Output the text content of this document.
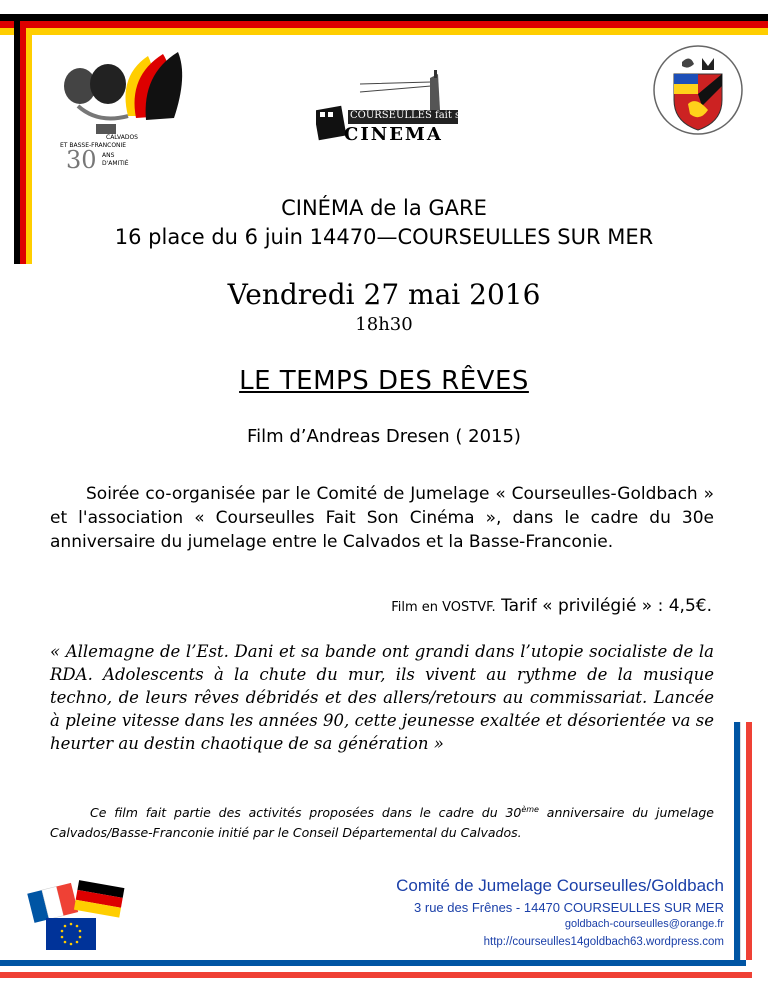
CALVADOS
ET BASSE-FRANCONIE
30 ANS
D'AMITIÉ
COURSEULLES fait son
CINEMA
CINÉMA de la GARE
16 place du 6 juin 14470—COURSEULLES SUR MER
Vendredi 27 mai 2016
18h30
LE TEMPS DES RÊVES
Film d’Andreas Dresen ( 2015)
Soirée co-organisée par le Comité de Jumelage « Courseulles-Goldbach » et l'association « Courseulles Fait Son Cinéma », dans le cadre du 30e anniversaire du jumelage entre le Calvados et la Basse-Franconie.
Film en VOSTVF. Tarif « privilégié » : 4,5€.
« Allemagne de l’Est. Dani et sa bande ont grandi dans l’utopie socialiste de la RDA. Adolescents à la chute du mur, ils vivent au rythme de la musique techno, de leurs rêves débridés et des allers/retours au commissariat. Lancée à pleine vitesse dans les années 90, cette jeunesse exaltée et désorientée va se heurter au destin chaotique de sa génération »
Ce film fait partie des activités proposées dans le cadre du 30ème anniversaire du jumelage Calvados/Basse-Franconie initié par le Conseil Départemental du Calvados.
Comité de Jumelage Courseulles/Goldbach
3 rue des Frênes - 14470 COURSEULLES SUR MER
goldbach-courseulles@orange.fr
http://courseulles14goldbach63.wordpress.com
